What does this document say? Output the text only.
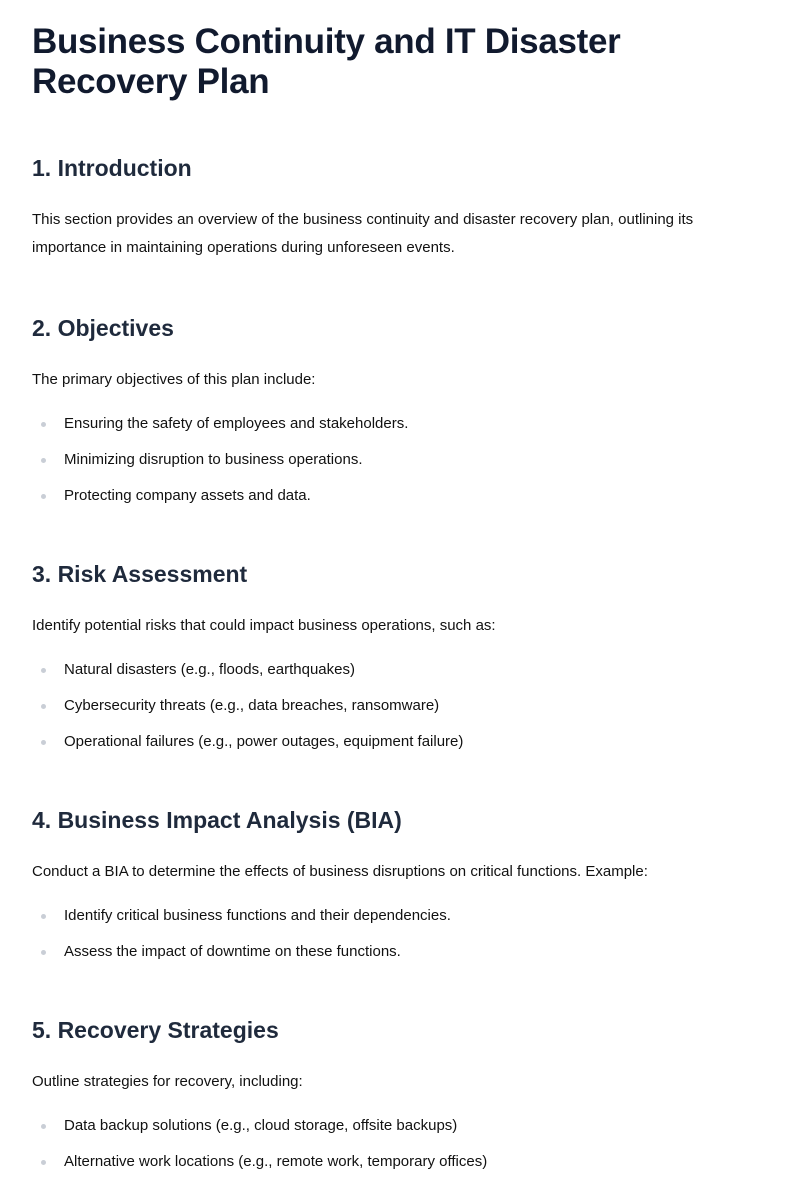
Business Continuity and IT Disaster Recovery Plan
1. Introduction

This section provides an overview of the business continuity and disaster recovery plan, outlining its importance in maintaining operations during unforeseen events.

2. Objectives

The primary objectives of this plan include:

Ensuring the safety of employees and stakeholders.
Minimizing disruption to business operations.
Protecting company assets and data.
3. Risk Assessment

Identify potential risks that could impact business operations, such as:

Natural disasters (e.g., floods, earthquakes)
Cybersecurity threats (e.g., data breaches, ransomware)
Operational failures (e.g., power outages, equipment failure)
4. Business Impact Analysis (BIA)

Conduct a BIA to determine the effects of business disruptions on critical functions. Example:

Identify critical business functions and their dependencies.
Assess the impact of downtime on these functions.
5. Recovery Strategies

Outline strategies for recovery, including:

Data backup solutions (e.g., cloud storage, offsite backups)
Alternative work locations (e.g., remote work, temporary offices)
